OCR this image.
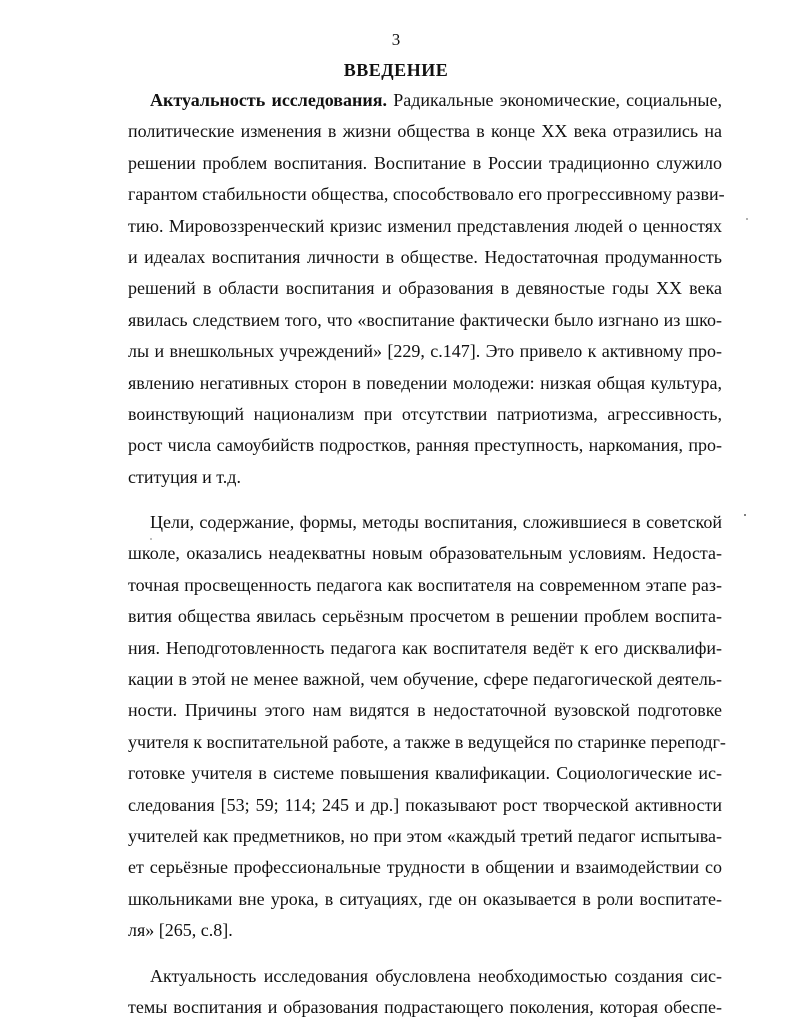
3
ВВЕДЕНИЕ
Актуальность исследования. Радикальные экономические, социальные,
политические изменения в жизни общества в конце XX века отразились на
решении проблем воспитания. Воспитание в России традиционно служило
гарантом стабильности общества, способствовало его прогрессивному разви-
тию. Мировоззренческий кризис изменил представления людей о ценностях
и идеалах воспитания личности в обществе. Недостаточная продуманность
решений в области воспитания и образования в девяностые годы XX века
явилась следствием того, что «воспитание фактически было изгнано из шко-
лы и внешкольных учреждений» [229, с.147]. Это привело к активному про-
явлению негативных сторон в поведении молодежи: низкая общая культура,
воинствующий национализм при отсутствии патриотизма, агрессивность,
рост числа самоубийств подростков, ранняя преступность, наркомания, про-
ституция и т.д.
Цели, содержание, формы, методы воспитания, сложившиеся в советской
школе, оказались неадекватны новым образовательным условиям. Недоста-
точная просвещенность педагога как воспитателя на современном этапе раз-
вития общества явилась серьёзным просчетом в решении проблем воспита-
ния. Неподготовленность педагога как воспитателя ведёт к его дисквалифи-
кации в этой не менее важной, чем обучение, сфере педагогической деятель-
ности. Причины этого нам видятся в недостаточной вузовской подготовке
учителя к воспитательной работе, а также в ведущейся по старинке переподг-
готовке учителя в системе повышения квалификации. Социологические ис-
следования [53; 59; 114; 245 и др.] показывают рост творческой активности
учителей как предметников, но при этом «каждый третий педагог испытыва-
ет серьёзные профессиональные трудности в общении и взаимодействии со
школьниками вне урока, в ситуациях, где он оказывается в роли воспитате-
ля» [265, с.8].
Актуальность исследования обусловлена необходимостью создания сис-
темы воспитания и образования подрастающего поколения, которая обеспе-
